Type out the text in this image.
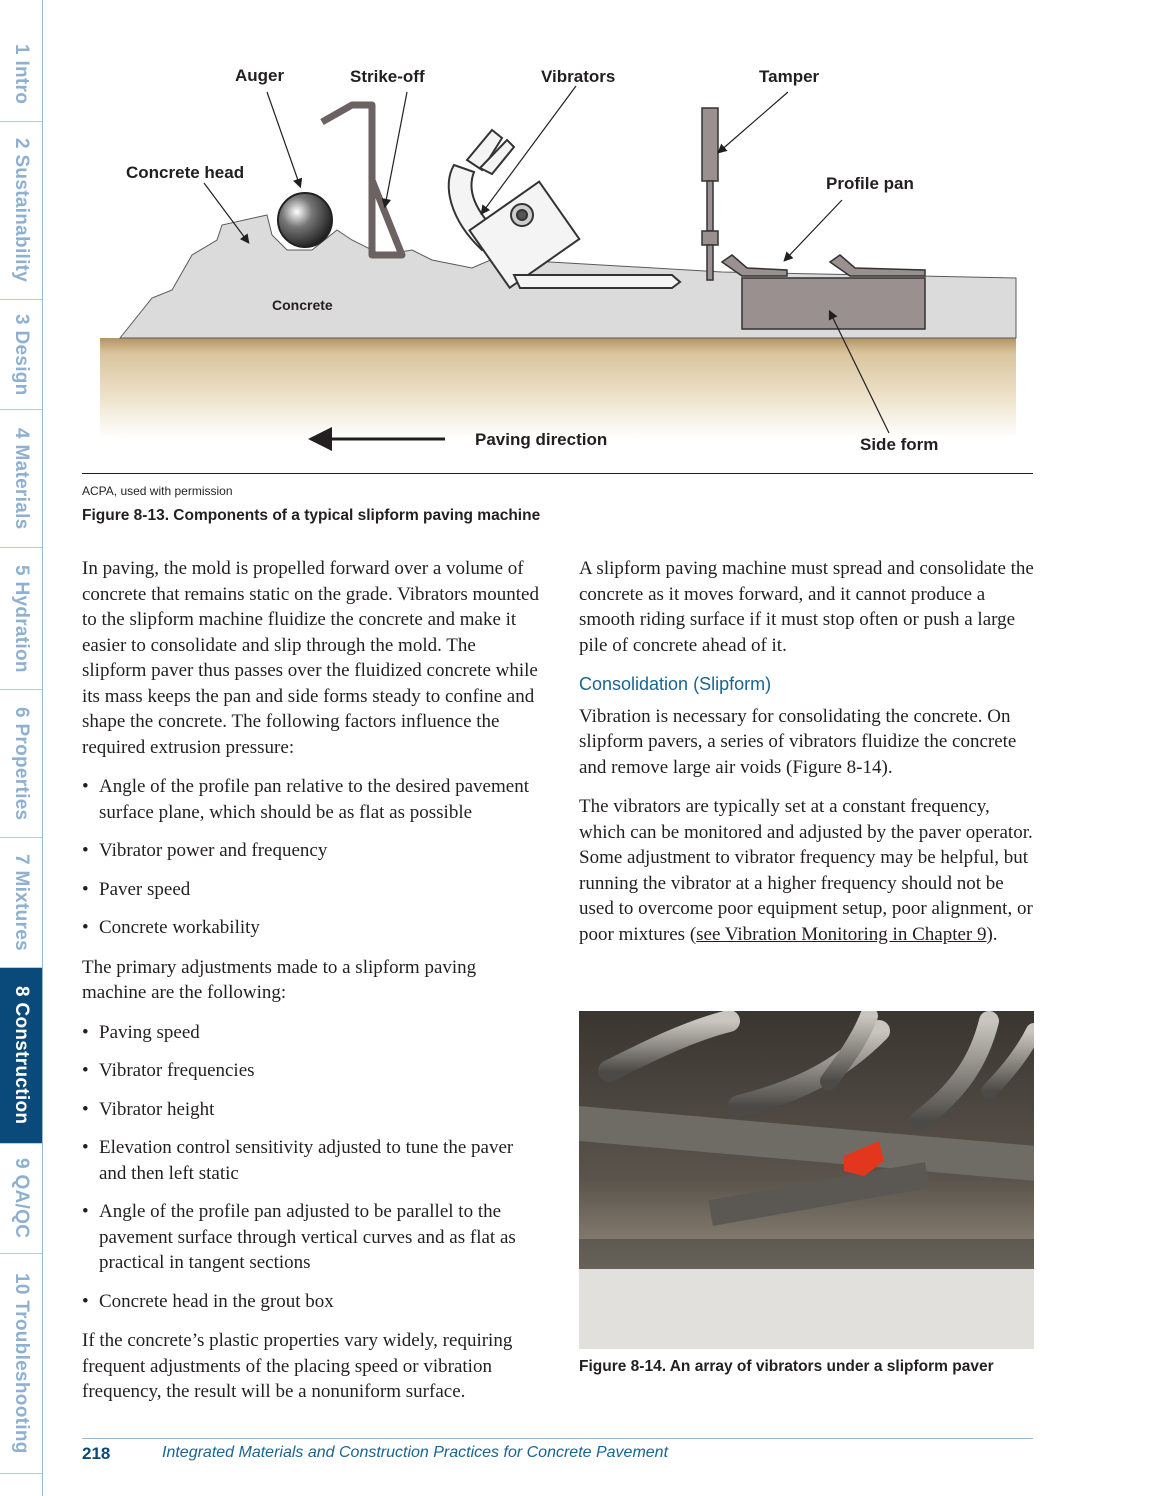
1 Intro
2 Sustainability
3 Design
4 Materials
5 Hydration
6 Properties
7 Mixtures
8 Construction
9 QA/QC
10 Troubleshooting
Auger	Strike-off	Vibrators	Tamper
Concrete head
Profile pan
Concrete
Paving direction	Side form
ACPA, used with permission
Figure 8-13. Components of a typical slipform paving machine

In paving, the mold is propelled forward over a volume of concrete that remains static on the grade. Vibrators mounted to the slipform machine fluidize the concrete and make it easier to consolidate and slip through the mold. The slipform paver thus passes over the fluidized concrete while its mass keeps the pan and side forms steady to confine and shape the concrete. The following factors influence the required extrusion pressure:

• Angle of the profile pan relative to the desired pavement surface plane, which should be as flat as possible
• Vibrator power and frequency
• Paver speed
• Concrete workability

The primary adjustments made to a slipform paving machine are the following:

• Paving speed
• Vibrator frequencies
• Vibrator height
• Elevation control sensitivity adjusted to tune the paver and then left static
• Angle of the profile pan adjusted to be parallel to the pavement surface through vertical curves and as flat as practical in tangent sections
• Concrete head in the grout box

If the concrete’s plastic properties vary widely, requiring frequent adjustments of the placing speed or vibration frequency, the result will be a nonuniform surface.

A slipform paving machine must spread and consolidate the concrete as it moves forward, and it cannot produce a smooth riding surface if it must stop often or push a large pile of concrete ahead of it.

Consolidation (Slipform)

Vibration is necessary for consolidating the concrete. On slipform pavers, a series of vibrators fluidize the concrete and remove large air voids (Figure 8-14).

The vibrators are typically set at a constant frequency, which can be monitored and adjusted by the paver operator. Some adjustment to vibrator frequency may be helpful, but running the vibrator at a higher frequency should not be used to overcome poor equipment setup, poor alignment, or poor mixtures (see Vibration Monitoring in Chapter 9).

Figure 8-14. An array of vibrators under a slipform paver
218	Integrated Materials and Construction Practices for Concrete Pavement
